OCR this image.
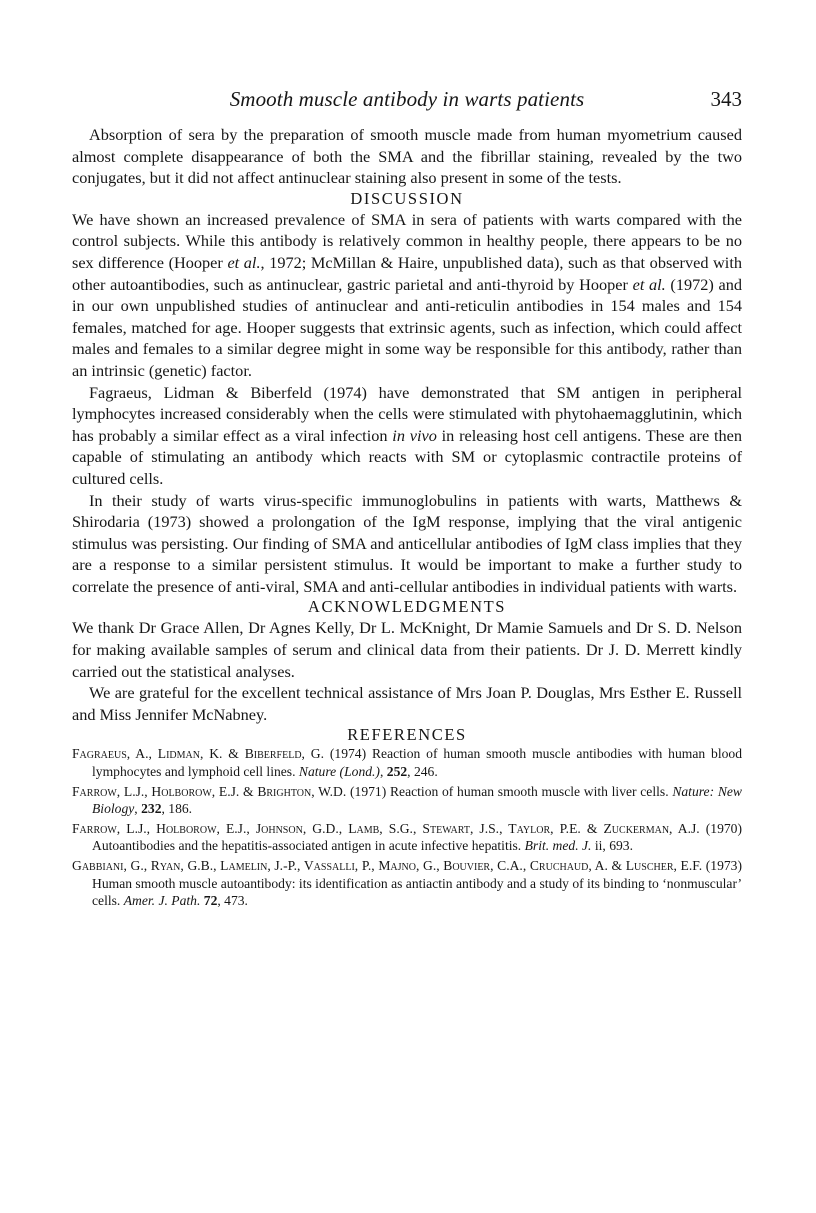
Smooth muscle antibody in warts patients	343

Absorption of sera by the preparation of smooth muscle made from human myometrium caused almost complete disappearance of both the SMA and the fibrillar staining, revealed by the two conjugates, but it did not affect antinuclear staining also present in some of the tests.

DISCUSSION

We have shown an increased prevalence of SMA in sera of patients with warts compared with the control subjects. While this antibody is relatively common in healthy people, there appears to be no sex difference (Hooper et al., 1972; McMillan & Haire, unpublished data), such as that observed with other autoantibodies, such as antinuclear, gastric parietal and anti-thyroid by Hooper et al. (1972) and in our own unpublished studies of antinuclear and anti-reticulin antibodies in 154 males and 154 females, matched for age. Hooper suggests that extrinsic agents, such as infection, which could affect males and females to a similar degree might in some way be responsible for this antibody, rather than an intrinsic (genetic) factor.

Fagraeus, Lidman & Biberfeld (1974) have demonstrated that SM antigen in peripheral lymphocytes increased considerably when the cells were stimulated with phytohaemagglutinin, which has probably a similar effect as a viral infection in vivo in releasing host cell antigens. These are then capable of stimulating an antibody which reacts with SM or cytoplasmic contractile proteins of cultured cells.

In their study of warts virus-specific immunoglobulins in patients with warts, Matthews & Shirodaria (1973) showed a prolongation of the IgM response, implying that the viral antigenic stimulus was persisting. Our finding of SMA and anticellular antibodies of IgM class implies that they are a response to a similar persistent stimulus. It would be important to make a further study to correlate the presence of anti-viral, SMA and anti-cellular antibodies in individual patients with warts.

ACKNOWLEDGMENTS

We thank Dr Grace Allen, Dr Agnes Kelly, Dr L. McKnight, Dr Mamie Samuels and Dr S. D. Nelson for making available samples of serum and clinical data from their patients. Dr J. D. Merrett kindly carried out the statistical analyses.

We are grateful for the excellent technical assistance of Mrs Joan P. Douglas, Mrs Esther E. Russell and Miss Jennifer McNabney.

REFERENCES
Fagraeus, A., Lidman, K. & Biberfeld, G. (1974) Reaction of human smooth muscle antibodies with human blood lymphocytes and lymphoid cell lines. Nature (Lond.), 252, 246.
Farrow, L.J., Holborow, E.J. & Brighton, W.D. (1971) Reaction of human smooth muscle with liver cells. Nature: New Biology, 232, 186.
Farrow, L.J., Holborow, E.J., Johnson, G.D., Lamb, S.G., Stewart, J.S., Taylor, P.E. & Zuckerman, A.J. (1970) Autoantibodies and the hepatitis-associated antigen in acute infective hepatitis. Brit. med. J. ii, 693.
Gabbiani, G., Ryan, G.B., Lamelin, J.-P., Vassalli, P., Majno, G., Bouvier, C.A., Cruchaud, A. & Luscher, E.F. (1973) Human smooth muscle autoantibody: its identification as antiactin antibody and a study of its binding to ‘nonmuscular’ cells. Amer. J. Path. 72, 473.
